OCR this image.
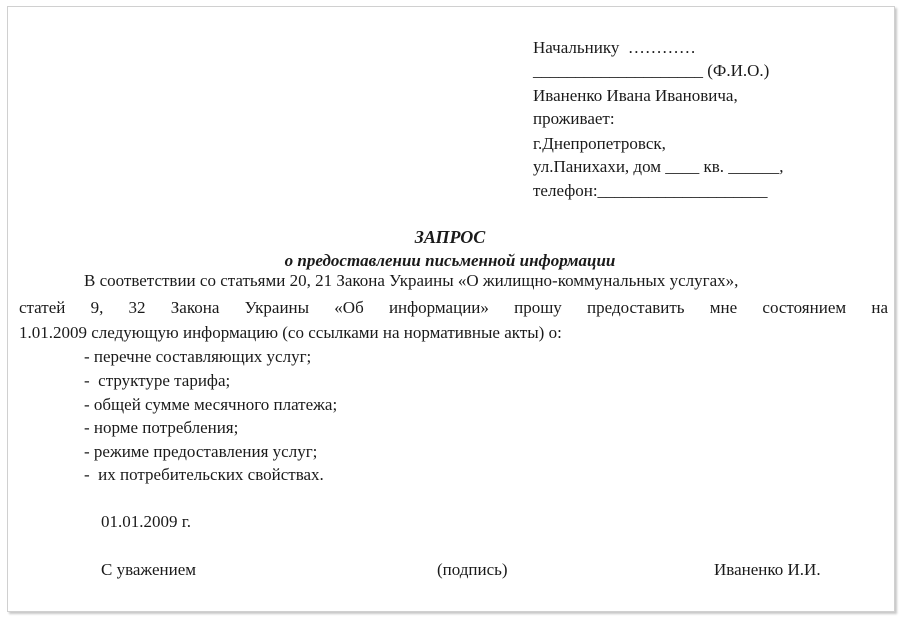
Начальнику  …………
____________________ (Ф.И.О.)
Иваненко Ивана Ивановича,
проживает:
г.Днепропетровск,
ул.Панихахи, дом ____ кв. ______,
телефон:____________________
ЗАПРОС
о предоставлении письменной информации
В соответствии со статьями 20, 21 Закона Украины «О жилищно-коммунальных услугах»,
статей 9, 32 Закона Украины «Об информации» прошу предоставить мне состоянием на
1.01.2009 следующую информацию (со ссылками на нормативные акты) о:
- перечне составляющих услуг;
-  структуре тарифа;
- общей сумме месячного платежа;
- норме потребления;
- режиме предоставления услуг;
-  их потребительских свойствах.
01.01.2009 г.
С уважением	(подпись)	Иваненко И.И.
